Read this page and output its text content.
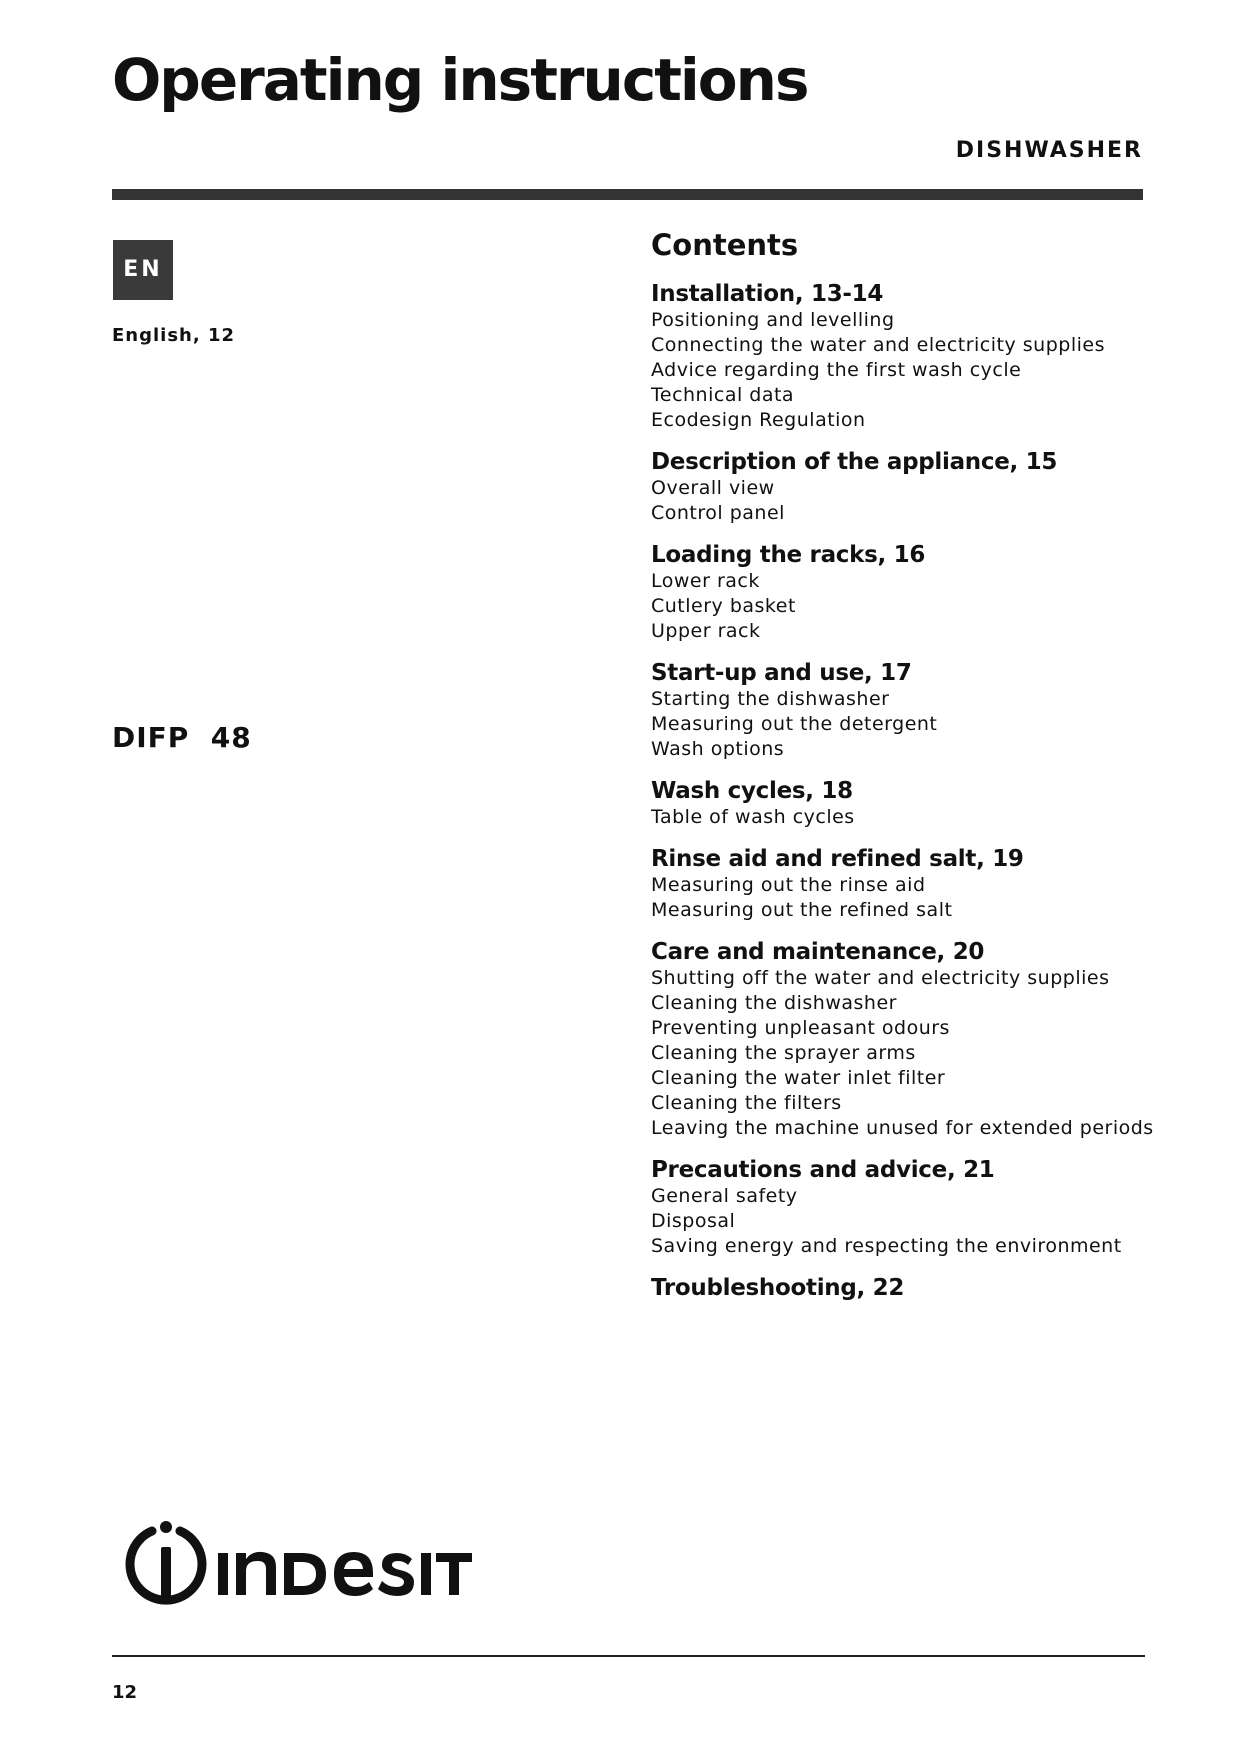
Operating instructions
DISHWASHER
EN
English, 12
DIFP  48
Contents
Installation, 13-14
Positioning and levelling
Connecting the water and electricity supplies
Advice regarding the first wash cycle
Technical data
Ecodesign Regulation
Description of the appliance, 15
Overall view
Control panel
Loading the racks, 16
Lower rack
Cutlery basket
Upper rack
Start-up and use, 17
Starting the dishwasher
Measuring out the detergent
Wash options
Wash cycles, 18
Table of wash cycles
Rinse aid and refined salt, 19
Measuring out the rinse aid
Measuring out the refined salt
Care and maintenance, 20
Shutting off the water and electricity supplies
Cleaning the dishwasher
Preventing unpleasant odours
Cleaning the sprayer arms
Cleaning the water inlet filter
Cleaning the filters
Leaving the machine unused for extended periods
Precautions and advice, 21
General safety
Disposal
Saving energy and respecting the environment
Troubleshooting, 22
12
